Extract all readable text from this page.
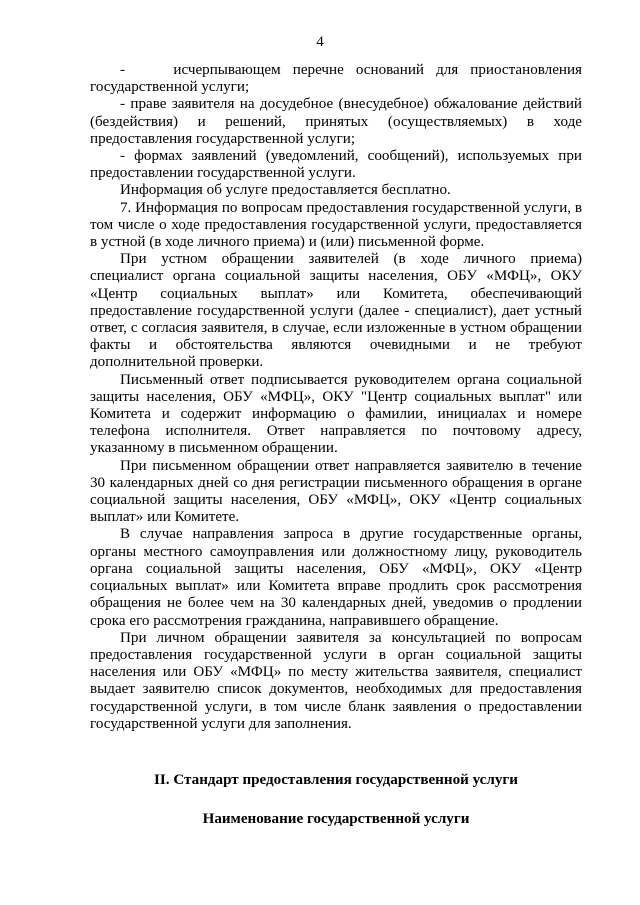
4

-    исчерпывающем перечне оснований для приостановления государственной услуги;

- праве заявителя на досудебное (внесудебное) обжалование действий (бездействия) и решений, принятых (осуществляемых) в ходе предоставления государственной услуги;

- формах заявлений (уведомлений, сообщений), используемых при предоставлении государственной услуги.

Информация об услуге предоставляется бесплатно.

7. Информация по вопросам предоставления государственной услуги, в том числе о ходе предоставления государственной услуги, предоставляется в устной (в ходе личного приема) и (или) письменной форме.

При устном обращении заявителей (в ходе личного приема) специалист органа социальной защиты населения, ОБУ «МФЦ», ОКУ «Центр социальных выплат» или Комитета, обеспечивающий предоставление государственной услуги (далее - специалист), дает устный ответ, с согласия заявителя, в случае, если изложенные в устном обращении факты и обстоятельства являются очевидными и не требуют дополнительной проверки.

Письменный ответ подписывается руководителем органа социальной защиты населения, ОБУ «МФЦ», ОКУ "Центр социальных выплат" или Комитета и содержит информацию о фамилии, инициалах и номере телефона исполнителя. Ответ направляется по почтовому адресу, указанному в письменном обращении.

При письменном обращении ответ направляется заявителю в течение 30 календарных дней со дня регистрации письменного обращения в органе социальной защиты населения, ОБУ «МФЦ», ОКУ «Центр социальных выплат» или Комитете.

В случае направления запроса в другие государственные органы, органы местного самоуправления или должностному лицу, руководитель органа социальной защиты населения, ОБУ «МФЦ», ОКУ «Центр социальных выплат» или Комитета вправе продлить срок рассмотрения обращения не более чем на 30 календарных дней, уведомив о продлении срока его рассмотрения гражданина, направившего обращение.

При личном обращении заявителя за консультацией по вопросам предоставления государственной услуги в орган социальной защиты населения или ОБУ «МФЦ» по месту жительства заявителя, специалист выдает заявителю список документов, необходимых для предоставления государственной услуги, в том числе бланк заявления о предоставлении государственной услуги для заполнения.

II. Стандарт предоставления государственной услуги
Наименование государственной услуги
